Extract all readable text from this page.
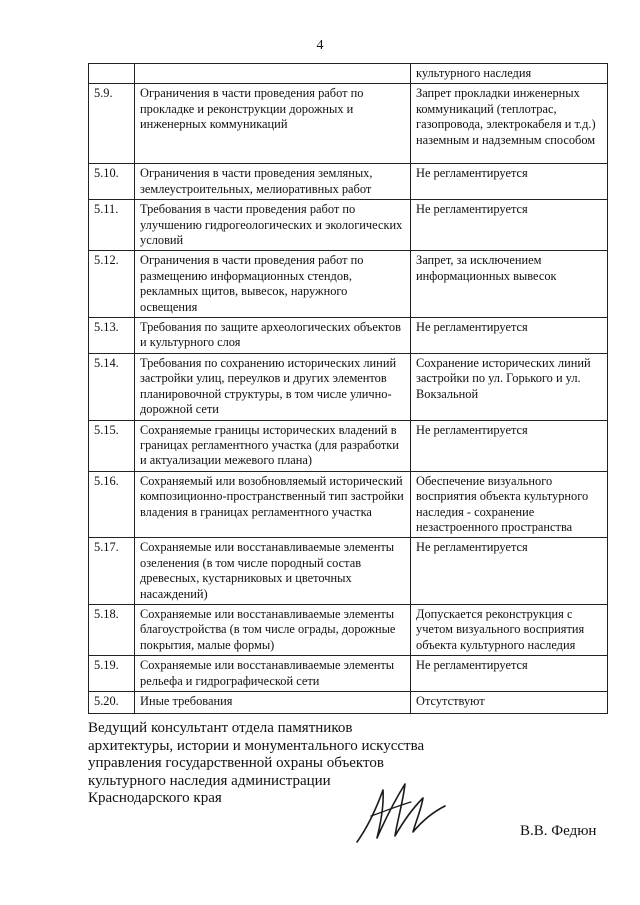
4
		культурного наследия
5.9.	Ограничения в части проведения работ по прокладке и реконструкции дорожных и инженерных коммуникаций	Запрет прокладки инженерных коммуникаций (теплотрас, газопровода, электрокабеля и т.д.) наземным и надземным способом
5.10.	Ограничения в части проведения земляных, землеустроительных, мелиоративных работ	Не регламентируется
5.11.	Требования в части проведения работ по улучшению гидрогеологических и экологических условий	Не регламентируется
5.12.	Ограничения в части проведения работ по размещению информационных стендов, рекламных щитов, вывесок, наружного освещения	Запрет, за исключением информационных вывесок
5.13.	Требования по защите археологических объектов и культурного слоя	Не регламентируется
5.14.	Требования по сохранению исторических линий застройки улиц, переулков и других элементов планировочной структуры, в том числе улично-дорожной сети	Сохранение исторических линий застройки по ул. Горького и ул. Вокзальной
5.15.	Сохраняемые границы исторических владений в границах регламентного участка (для разработки и актуализации межевого плана)	Не регламентируется
5.16.	Сохраняемый или возобновляемый исторический композиционно-пространственный тип застройки владения в границах регламентного участка	Обеспечение визуального восприятия объекта культурного наследия - сохранение незастроенного пространства
5.17.	Сохраняемые или восстанавливаемые элементы озеленения (в том числе породный состав древесных, кустарниковых и цветочных насаждений)	Не регламентируется
5.18.	Сохраняемые или восстанавливаемые элементы благоустройства (в том числе ограды, дорожные покрытия, малые формы)	Допускается реконструкция с учетом визуального восприятия объекта культурного наследия
5.19.	Сохраняемые или восстанавливаемые элементы рельефа и гидрографической сети	Не регламентируется
5.20.	Иные требования	Отсутствуют
Ведущий консультант отдела памятников
архитектуры, истории и монументального искусства
управления государственной охраны объектов
культурного наследия администрации
Краснодарского края
В.В. Федюн
